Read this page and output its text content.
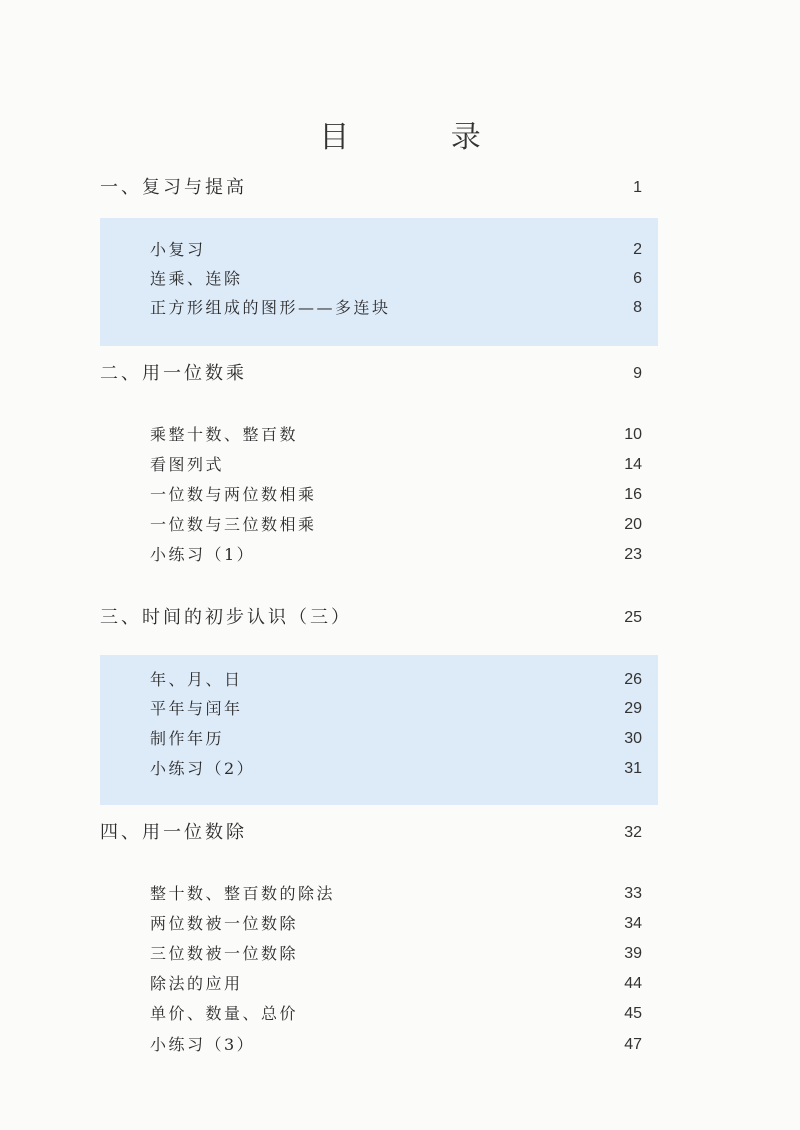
目 录
一、复习与提高	1
小复习	2
连乘、连除	6
正方形组成的图形——多连块	8
二、用一位数乘	9
乘整十数、整百数	10
看图列式	14
一位数与两位数相乘	16
一位数与三位数相乘	20
小练习（1）	23
三、时间的初步认识（三）	25
年、月、日	26
平年与闰年	29
制作年历	30
小练习（2）	31
四、用一位数除	32
整十数、整百数的除法	33
两位数被一位数除	34
三位数被一位数除	39
除法的应用	44
单价、数量、总价	45
小练习（3）	47
